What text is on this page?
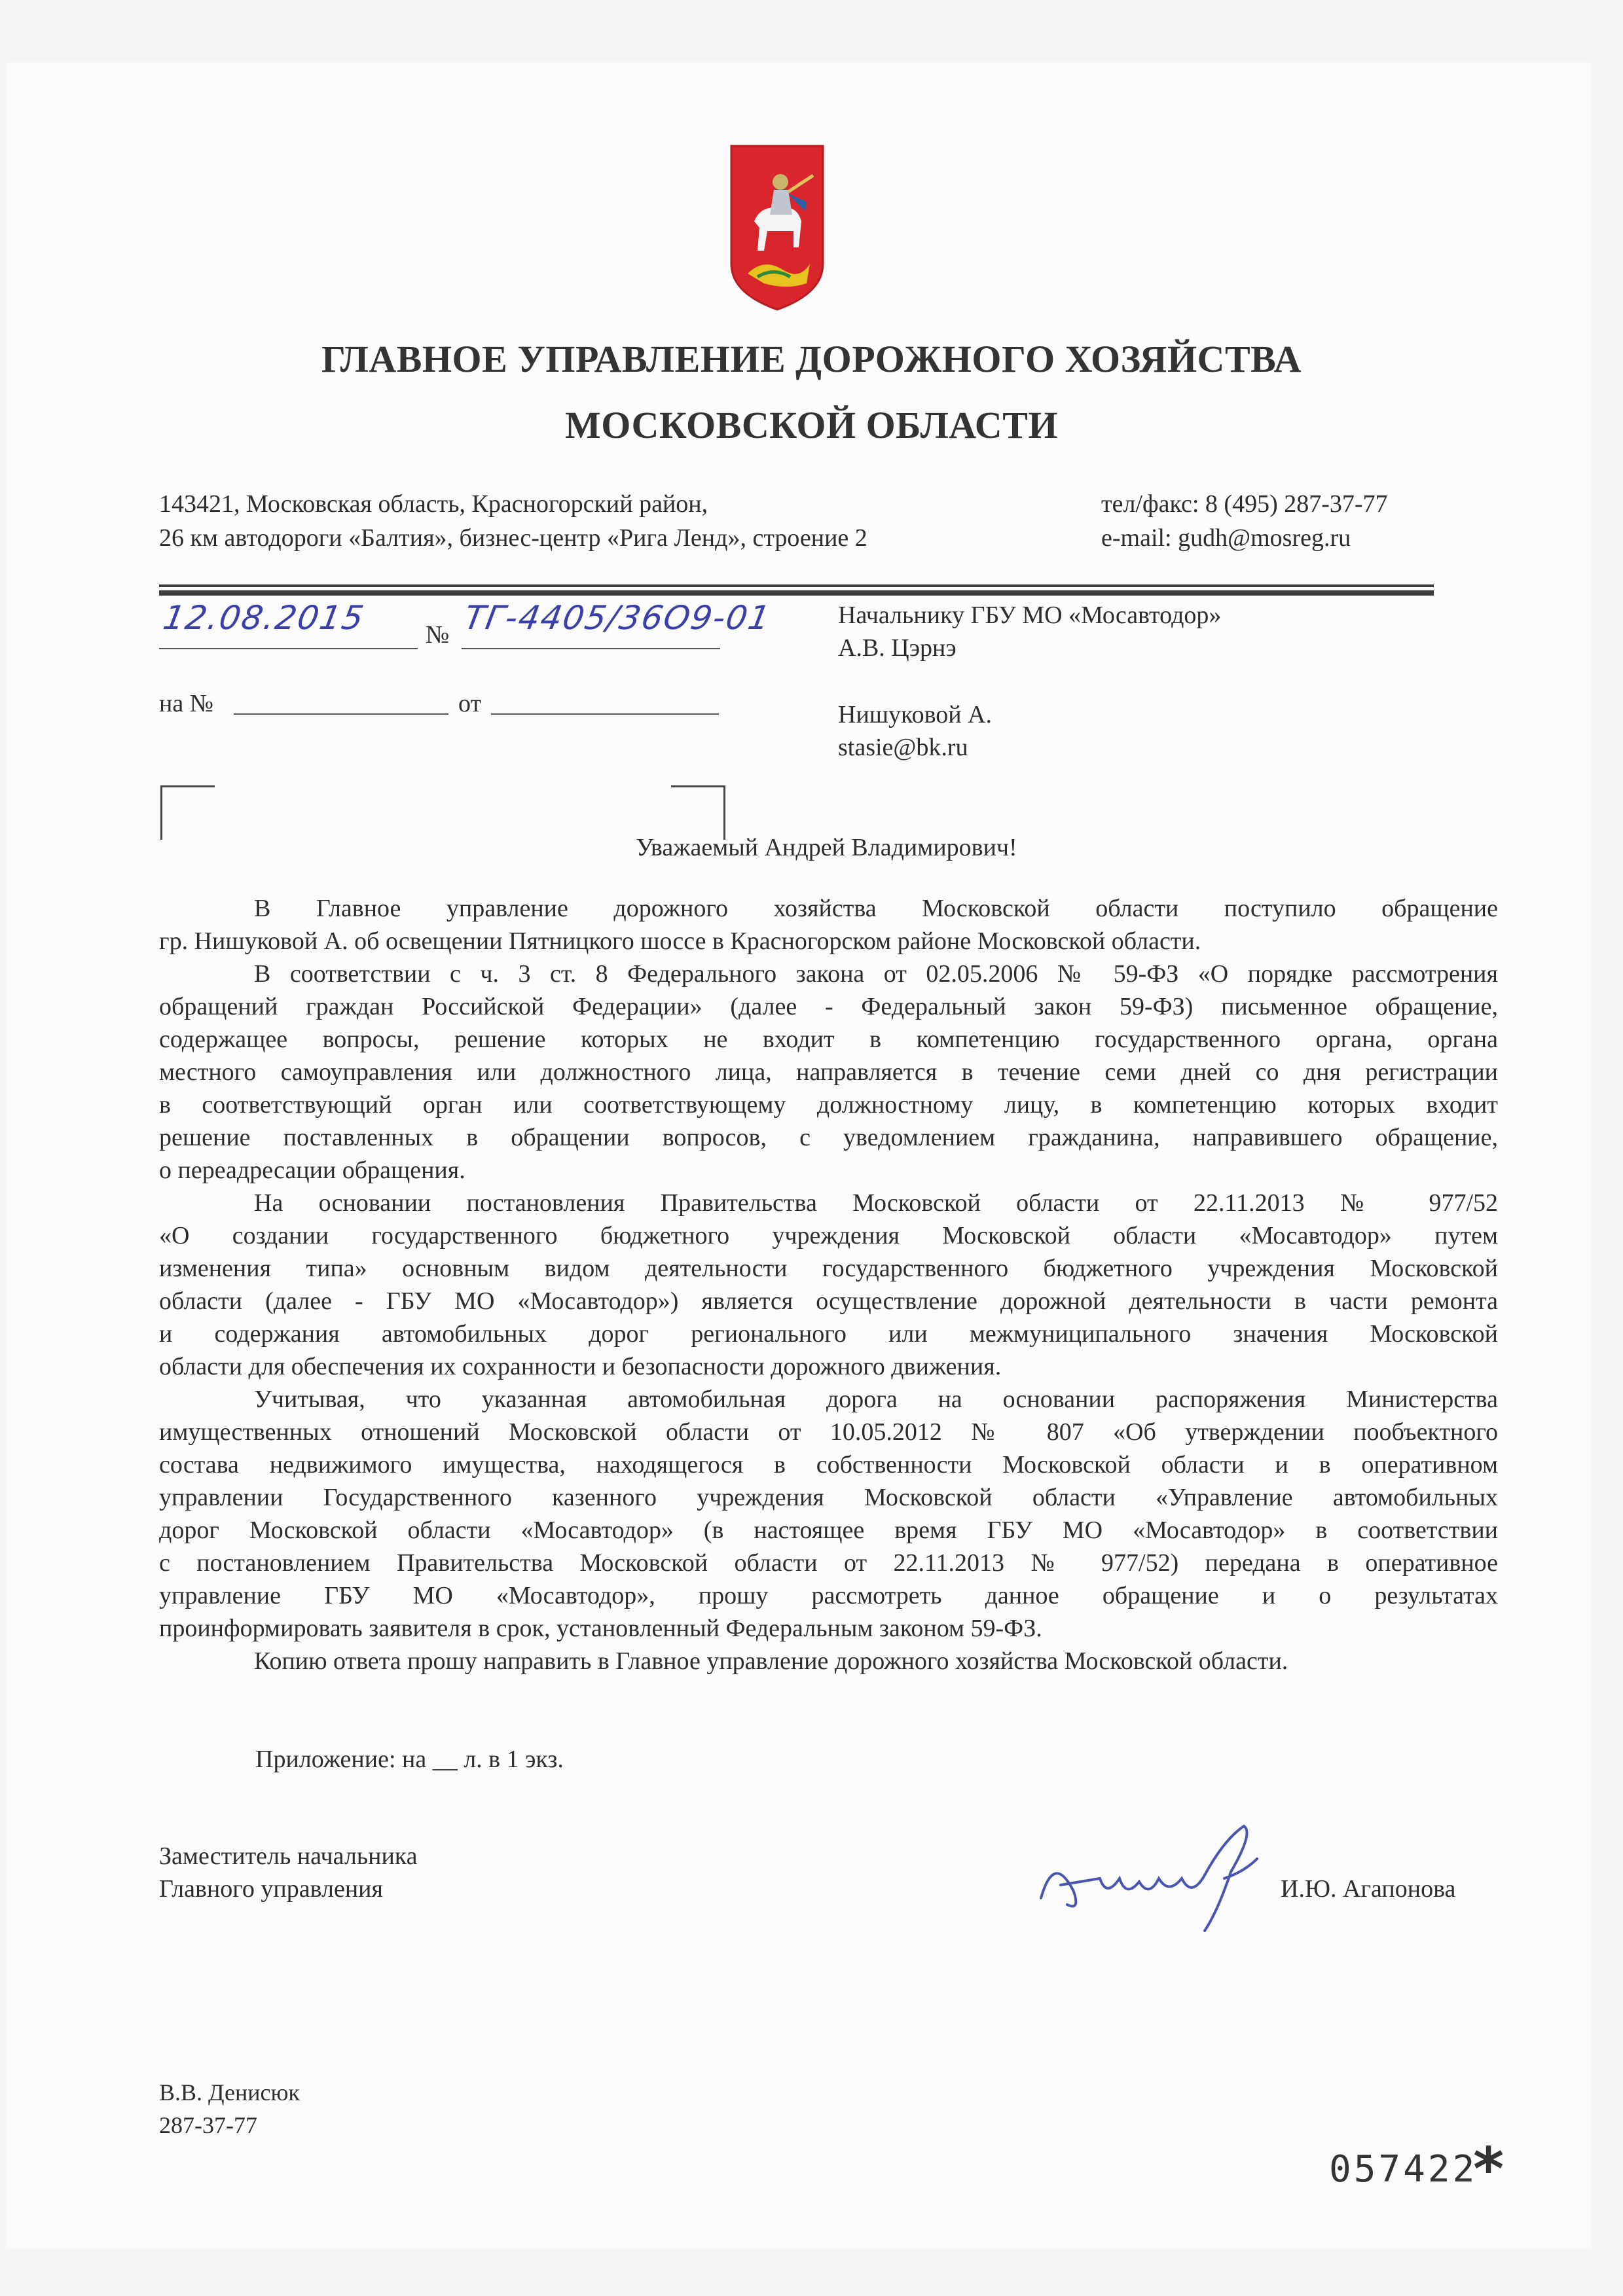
ГЛАВНОЕ УПРАВЛЕНИЕ ДОРОЖНОГО ХОЗЯЙСТВА
МОСКОВСКОЙ ОБЛАСТИ
143421, Московская область, Красногорский район,
26 км автодороги «Балтия», бизнес-центр «Рига Ленд», строение 2
тел/факс: 8 (495) 287-37-77
e-mail: gudh@mosreg.ru
12.08.2015 № ТГ-4405/36О9-01
на №	от
Начальнику ГБУ МО «Мосавтодор»
А.В. Цэрнэ
Нишуковой А.
stasie@bk.ru
Уважаемый Андрей Владимирович!
В Главное управление дорожного хозяйства Московской области поступило обращение
гр. Нишуковой А. об освещении Пятницкого шоссе в Красногорском районе Московской области.
В соответствии с ч. 3 ст. 8 Федерального закона от 02.05.2006 № 59-ФЗ «О порядке рассмотрения
обращений граждан Российской Федерации» (далее - Федеральный закон 59-ФЗ) письменное обращение,
содержащее вопросы, решение которых не входит в компетенцию государственного органа, органа
местного самоуправления или должностного лица, направляется в течение семи дней со дня регистрации
в соответствующий орган или соответствующему должностному лицу, в компетенцию которых входит
решение поставленных в обращении вопросов, с уведомлением гражданина, направившего обращение,
о переадресации обращения.
На основании постановления Правительства Московской области от 22.11.2013 № 977/52
«О создании государственного бюджетного учреждения Московской области «Мосавтодор» путем
изменения типа» основным видом деятельности государственного бюджетного учреждения Московской
области (далее - ГБУ МО «Мосавтодор») является осуществление дорожной деятельности в части ремонта
и содержания автомобильных дорог регионального или межмуниципального значения Московской
области для обеспечения их сохранности и безопасности дорожного движения.
Учитывая, что указанная автомобильная дорога на основании распоряжения Министерства
имущественных отношений Московской области от 10.05.2012 № 807 «Об утверждении пообъектного
состава недвижимого имущества, находящегося в собственности Московской области и в оперативном
управлении Государственного казенного учреждения Московской области «Управление автомобильных
дорог Московской области «Мосавтодор» (в настоящее время ГБУ МО «Мосавтодор» в соответствии
с постановлением Правительства Московской области от 22.11.2013 № 977/52) передана в оперативное
управление ГБУ МО «Мосавтодор», прошу рассмотреть данное обращение и о результатах
проинформировать заявителя в срок, установленный Федеральным законом 59-ФЗ.
Копию ответа прошу направить в Главное управление дорожного хозяйства Московской области.
Приложение: на __ л. в 1 экз.
Заместитель начальника
Главного управления	И.Ю. Агапонова
В.В. Денисюк
287-37-77
057422
*
